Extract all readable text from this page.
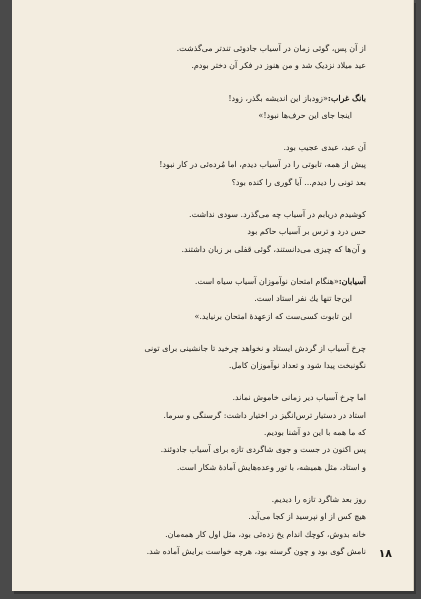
از آن پس، گوئی زمان در آسیاب جادوئی تندتر می‌گذشت.
عید میلاد نزدیک شد و من هنوز در فکر آن دختر بودم.

بانگ غراب:«زودباز این اندیشه بگذر، زود!
اینجا جای این حرف‌ها نبود!»

آن عید، عیدی عجیب بود.
پیش از همه، تابوتی را در آسیاب دیدم، اما مُرده‌ئی در کار نبود!
بعد تونی را دیدم... آیا گوری را کنده بود؟

کوشیدم دریابم در آسیاب چه می‌گذرد. سودی نداشت.
حس درد و ترس بر آسیاب حاکم بود
و آن‌ها که چیزی می‌دانستند، گوئی قفلی بر زبان داشتند.

آسیابان:«هنگام امتحان نوآموزان آسیاب سیاه است.
این‌جا تنها یك نفر استاد است.
این تابوت کسی‌ست که ازعهدهٔ امتحان برنیاید.»

چرخ آسیاب از گردش ایستاد و نخواهد چرخید تا جانشینی برای تونی
نگونبخت پیدا شود و تعداد نوآموزان کامل.

اما چرخ آسیاب دیر زمانی خاموش نماند.
استاد در دستیار ترس‌انگیز در اختیار داشت: گرسنگی و سرما.
که ما همه با این دو آشنا بودیم.
پس اکنون در جست و جوی شاگردی تازه برای آسیاب جادوئند.
و استاد، مثل همیشه، با تور وعده‌هایش آمادهٔ شکار است.

روز بعد شاگرد تازه را دیدیم.
هیچ کس از او نپرسید از کجا می‌آید.
خانه بدوش، کوچك اندام یخ زده‌ئی بود، مثل اول کار همه‌مان.
نامش گوی بود و چون گرسنه بود، هرچه خواست برایش آماده شد. ۱۸
